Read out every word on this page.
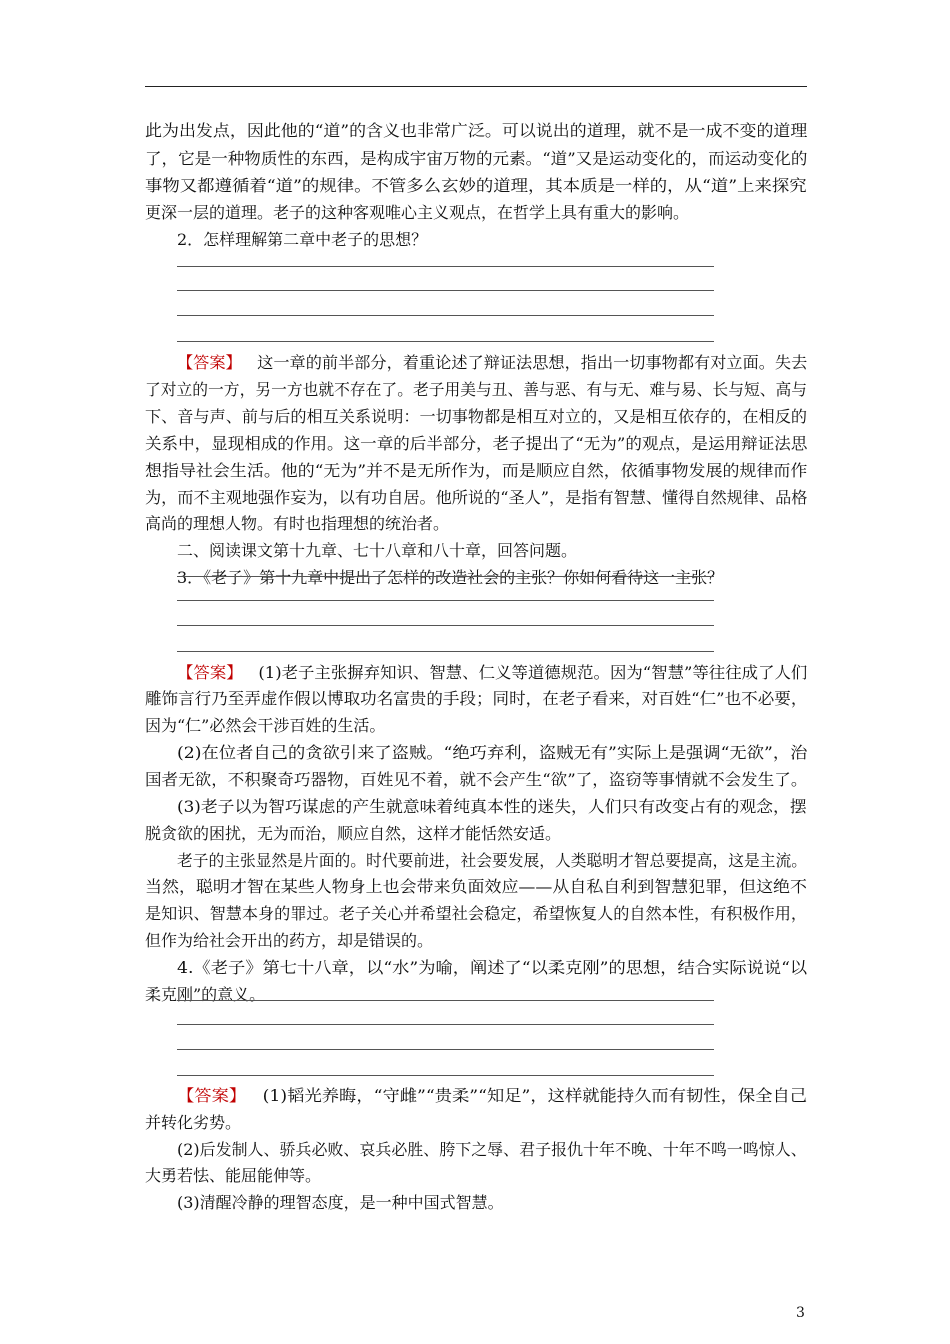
此为出发点，因此他的“道”的含义也非常广泛。可以说出的道理，就不是一成不变的道理
了，它是一种物质性的东西，是构成宇宙万物的元素。“道”又是运动变化的，而运动变化的
事物又都遵循着“道”的规律。不管多么玄妙的道理，其本质是一样的，从“道”上来探究
更深一层的道理。老子的这种客观唯心主义观点，在哲学上具有重大的影响。
2．怎样理解第二章中老子的思想？
【答案】 这一章的前半部分，着重论述了辩证法思想，指出一切事物都有对立面。失去
了对立的一方，另一方也就不存在了。老子用美与丑、善与恶、有与无、难与易、长与短、高与
下、音与声、前与后的相互关系说明：一切事物都是相互对立的，又是相互依存的，在相反的
关系中，显现相成的作用。这一章的后半部分，老子提出了“无为”的观点，是运用辩证法思
想指导社会生活。他的“无为”并不是无所作为，而是顺应自然，依循事物发展的规律而作
为，而不主观地强作妄为，以有功自居。他所说的“圣人”，是指有智慧、懂得自然规律、品格
高尚的理想人物。有时也指理想的统治者。
二、阅读课文第十九章、七十八章和八十章，回答问题。
3．《老子》第十九章中提出了怎样的改造社会的主张？你如何看待这一主张？
【答案】 (1)老子主张摒弃知识、智慧、仁义等道德规范。因为“智慧”等往往成了人们
雕饰言行乃至弄虚作假以博取功名富贵的手段；同时，在老子看来，对百姓“仁”也不必要，
因为“仁”必然会干涉百姓的生活。
(2)在位者自己的贪欲引来了盗贼。“绝巧弃利，盗贼无有”实际上是强调“无欲”，治
国者无欲，不积聚奇巧器物，百姓见不着，就不会产生“欲”了，盗窃等事情就不会发生了。
(3)老子以为智巧谋虑的产生就意味着纯真本性的迷失，人们只有改变占有的观念，摆
脱贪欲的困扰，无为而治，顺应自然，这样才能恬然安适。
老子的主张显然是片面的。时代要前进，社会要发展，人类聪明才智总要提高，这是主流。
当然，聪明才智在某些人物身上也会带来负面效应——从自私自利到智慧犯罪，但这绝不
是知识、智慧本身的罪过。老子关心并希望社会稳定，希望恢复人的自然本性，有积极作用，
但作为给社会开出的药方，却是错误的。
4.《老子》第七十八章，以“水”为喻，阐述了“以柔克刚”的思想，结合实际说说“以
柔克刚”的意义。
【答案】 (1)韬光养晦，“守雌”“贵柔”“知足”，这样就能持久而有韧性，保全自己
并转化劣势。
(2)后发制人、骄兵必败、哀兵必胜、胯下之辱、君子报仇十年不晚、十年不鸣一鸣惊人、
大勇若怯、能屈能伸等。
(3)清醒冷静的理智态度，是一种中国式智慧。
3
